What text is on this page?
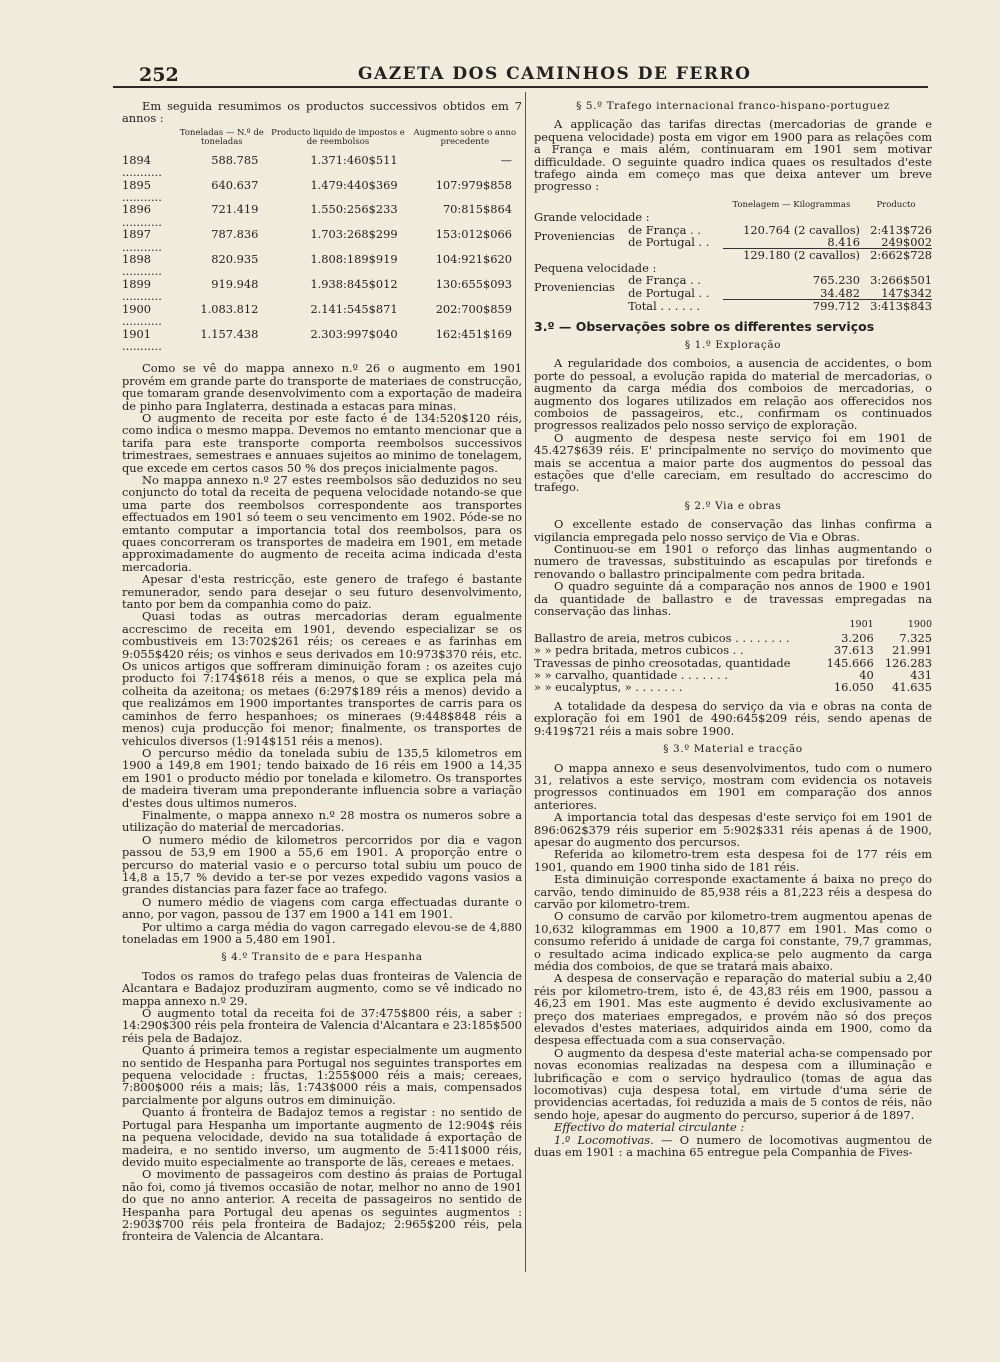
252	GAZETA DOS CAMINHOS DE FERRO

Em seguida resumimos os productos successivos obtidos em 7 annos :

	Toneladas — N.º de toneladas	Producto liquido de impostos e de reembolsos	Augmento sobre o anno precedente
1894 ...........	588.785	1.371:460$511	—
1895 ...........	640.637	1.479:440$369	107:979$858
1896 ...........	721.419	1.550:256$233	70:815$864
1897 ...........	787.836	1.703:268$299	153:012$066
1898 ...........	820.935	1.808:189$919	104:921$620
1899 ...........	919.948	1.938:845$012	130:655$093
1900 ...........	1.083.812	2.141:545$871	202:700$859
1901 ...........	1.157.438	2.303:997$040	162:451$169

Como se vê do mappa annexo n.º 26 o augmento em 1901 provém em grande parte do transporte de materiaes de construcção, que tomaram grande desenvolvimento com a exportação de madeira de pinho para Inglaterra, destinada a estacas para minas.

O augmento de receita por este facto é de 134:520$120 réis, como indica o mesmo mappa. Devemos no emtanto mencionar que a tarifa para este transporte comporta reembolsos successivos trimestraes, semestraes e annuaes sujeitos ao minimo de tonelagem, que excede em certos casos 50 % dos preços inicialmente pagos.

No mappa annexo n.º 27 estes reembolsos são deduzidos no seu conjuncto do total da receita de pequena velocidade notando-se que uma parte dos reembolsos correspondente aos transportes effectuados em 1901 só teem o seu vencimento em 1902. Póde-se no emtanto computar a importancia total dos reembolsos, para os quaes concorreram os transportes de madeira em 1901, em metade approximadamente do augmento de receita acima indicada d'esta mercadoria.

Apesar d'esta restricção, este genero de trafego é bastante remunerador, sendo para desejar o seu futuro desenvolvimento, tanto por bem da companhia como do paiz.

Quasi todas as outras mercadorias deram egualmente accrescimo de receita em 1901, devendo especializar se os combustiveis em 13:702$261 réis; os cereaes e as farinhas em 9:055$420 réis; os vinhos e seus derivados em 10:973$370 réis, etc. Os unicos artigos que soffreram diminuição foram : os azeites cujo producto foi 7:174$618 réis a menos, o que se explica pela má colheita da azeitona; os metaes (6:297$189 réis a menos) devido a que realizámos em 1900 importantes transportes de carris para os caminhos de ferro hespanhoes; os mineraes (9:448$848 réis a menos) cuja producção foi menor; finalmente, os transportes de vehiculos diversos (1:914$151 réis a menos).

O percurso médio da tonelada subiu de 135,5 kilometros em 1900 a 149,8 em 1901; tendo baixado de 16 réis em 1900 a 14,35 em 1901 o producto médio por tonelada e kilometro. Os transportes de madeira tiveram uma preponderante influencia sobre a variação d'estes dous ultimos numeros.

Finalmente, o mappa annexo n.º 28 mostra os numeros sobre a utilização do material de mercadorias.

O numero médio de kilometros percorridos por dia e vagon passou de 53,9 em 1900 a 55,6 em 1901. A proporção entre o percurso do material vasio e o percurso total subiu um pouco de 14,8 a 15,7 % devido a ter-se por vezes expedido vagons vasios a grandes distancias para fazer face ao trafego.

O numero médio de viagens com carga effectuadas durante o anno, por vagon, passou de 137 em 1900 a 141 em 1901.

Por ultimo a carga média do vagon carregado elevou-se de 4,880 toneladas em 1900 a 5,480 em 1901.

§ 4.º Transito de e para Hespanha

Todos os ramos do trafego pelas duas fronteiras de Valencia de Alcantara e Badajoz produziram augmento, como se vê indicado no mappa annexo n.º 29.

O augmento total da receita foi de 37:475$800 réis, a saber : 14:290$300 réis pela fronteira de Valencia d'Alcantara e 23:185$500 réis pela de Badajoz.

Quanto á primeira temos a registar especialmente um augmento no sentido de Hespanha para Portugal nos seguintes transportes em pequena velocidade : fructas, 1:255$000 réis a mais; cereaes, 7:800$000 réis a mais; lãs, 1:743$000 réis a mais, compensados parcialmente por alguns outros em diminuição.

Quanto á fronteira de Badajoz temos a registar : no sentido de Portugal para Hespanha um importante augmento de 12:904$ réis na pequena velocidade, devido na sua totalidade á exportação de madeira, e no sentido inverso, um augmento de 5:411$000 réis, devido muito especialmente ao transporte de lãs, cereaes e metaes.

O movimento de passageiros com destino ás praias de Portugal não foi, como já tivemos occasião de notar, melhor no anno de 1901 do que no anno anterior. A receita de passageiros no sentido de Hespanha para Portugal deu apenas os seguintes augmentos : 2:903$700 réis pela fronteira de Badajoz; 2:965$200 réis, pela fronteira de Valencia de Alcantara.

§ 5.º Trafego internacional franco-hispano-portuguez

A applicação das tarifas directas (mercadorias de grande e pequena velocidade) posta em vigor em 1900 para as relações com a França e mais além, continuaram em 1901 sem motivar difficuldade. O seguinte quadro indica quaes os resultados d'este trafego ainda em começo mas que deixa antever um breve progresso :

		Tonelagem — Kilogrammas	Producto
Grande velocidade :			
Proveniencias	de França . .	120.764 (2 cavallos)	2:413$726
	de Portugal . .	8.416	249$002
		129.180 (2 cavallos)	2:662$728
Pequena velocidade :			
Proveniencias	de França . .	765.230	3:266$501
	de Portugal . .	34.482	147$342
	Total . . . . . .	799.712	3:413$843
3.º — Observações sobre os differentes serviços
§ 1.º Exploração

A regularidade dos comboios, a ausencia de accidentes, o bom porte do pessoal, a evolução rapida do material de mercadorias, o augmento da carga média dos comboios de mercadorias, o augmento dos logares utilizados em relação aos offerecidos nos comboios de passageiros, etc., confirmam os continuados progressos realizados pelo nosso serviço de exploração.

O augmento de despesa neste serviço foi em 1901 de 45.427$639 réis. E' principalmente no serviço do movimento que mais se accentua a maior parte dos augmentos do pessoal das estações que d'elle careciam, em resultado do accrescimo do trafego.

§ 2.º Via e obras

O excellente estado de conservação das linhas confirma a vigilancia empregada pelo nosso serviço de Via e Obras.

Continuou-se em 1901 o reforço das linhas augmentando o numero de travessas, substituindo as escapulas por tirefonds e renovando o ballastro principalmente com pedra britada.

O quadro seguinte dá a comparação nos annos de 1900 e 1901 da quantidade de ballastro e de travessas empregadas na conservação das linhas.

	1901	1900
Ballastro de areia, metros cubicos . . . . . . . .	3.206	7.325
» » pedra britada, metros cubicos . .	37.613	21.991
Travessas de pinho creosotadas, quantidade	145.666	126.283
» » carvalho, quantidade . . . . . . .	40	431
» » eucalyptus, » . . . . . . .	16.050	41.635

A totalidade da despesa do serviço da via e obras na conta de exploração foi em 1901 de 490:645$209 réis, sendo apenas de 9:419$721 réis a mais sobre 1900.

§ 3.º Material e tracção

O mappa annexo e seus desenvolvimentos, tudo com o numero 31, relativos a este serviço, mostram com evidencia os notaveis progressos continuados em 1901 em comparação dos annos anteriores.

A importancia total das despesas d'este serviço foi em 1901 de 896:062$379 réis superior em 5:902$331 réis apenas á de 1900, apesar do augmento dos percursos.

Referida ao kilometro-trem esta despesa foi de 177 réis em 1901, quando em 1900 tinha sido de 181 réis.

Esta diminuição corresponde exactamente á baixa no preço do carvão, tendo diminuido de 85,938 réis a 81,223 réis a despesa do carvão por kilometro-trem.

O consumo de carvão por kilometro-trem augmentou apenas de 10,632 kilogrammas em 1900 a 10,877 em 1901. Mas como o consumo referido á unidade de carga foi constante, 79,7 grammas, o resultado acima indicado explica-se pelo augmento da carga média dos comboios, de que se tratará mais abaixo.

A despesa de conservação e reparação do material subiu a 2,40 réis por kilometro-trem, isto é, de 43,83 réis em 1900, passou a 46,23 em 1901. Mas este augmento é devido exclusivamente ao preço dos materiaes empregados, e provém não só dos preços elevados d'estes materiaes, adquiridos ainda em 1900, como da despesa effectuada com a sua conservação.

O augmento da despesa d'este material acha-se compensado por novas economias realizadas na despesa com a illuminação e lubrificação e com o serviço hydraulico (tomas de agua das locomotivas) cuja despesa total, em virtude d'uma série de providencias acertadas, foi reduzida a mais de 5 contos de réis, não sendo hoje, apesar do augmento do percurso, superior á de 1897.

Effectivo do material circulante :

1.º Locomotivas. — O numero de locomotivas augmentou de duas em 1901 : a machina 65 entregue pela Companhia de Fives-
